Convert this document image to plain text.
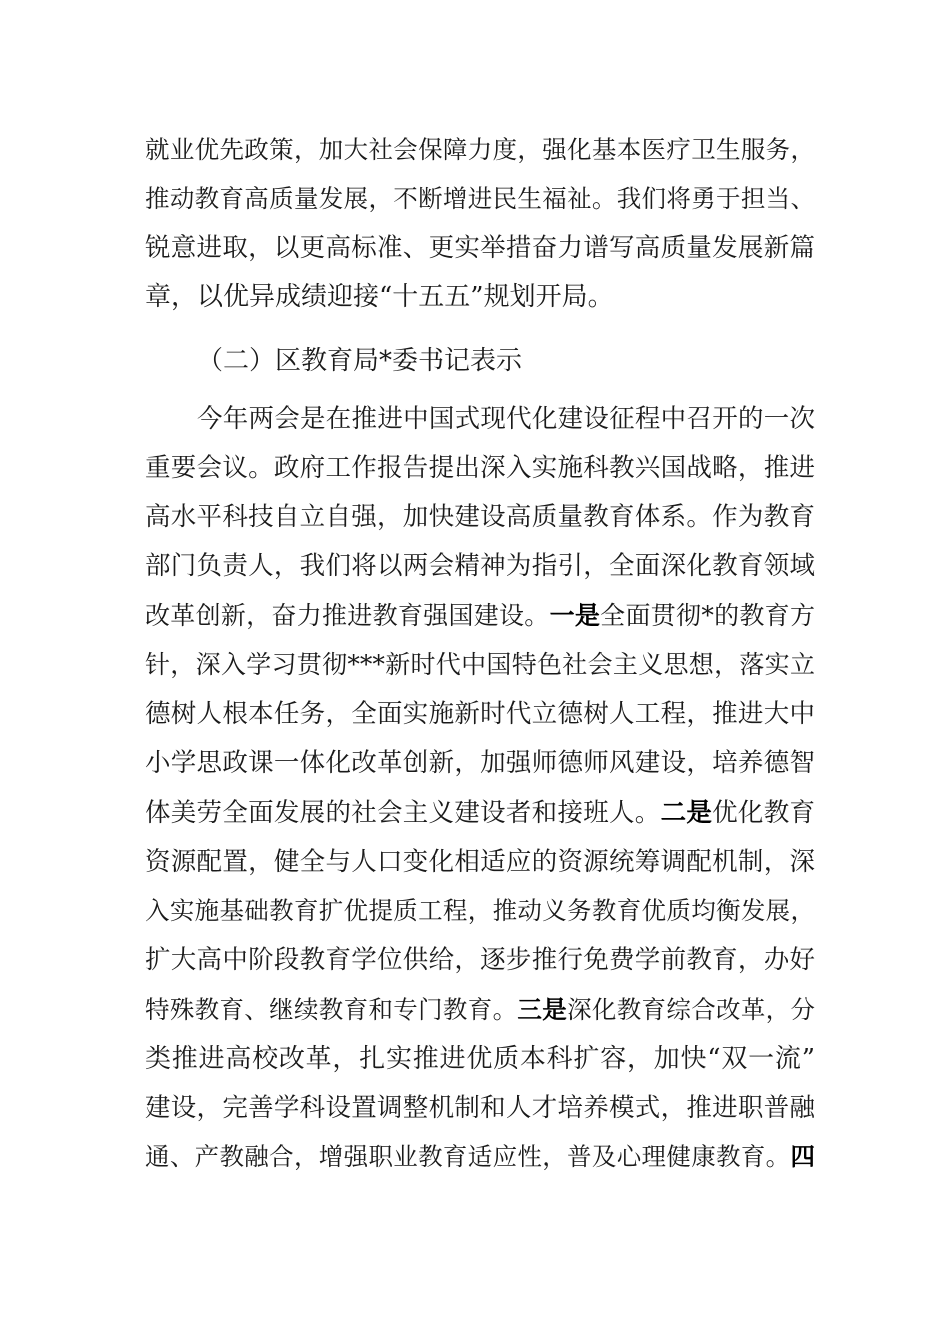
就业优先政策，加大社会保障力度，强化基本医疗卫生服务，
推动教育高质量发展，不断增进民生福祉。我们将勇于担当、
锐意进取，以更高标准、更实举措奋力谱写高质量发展新篇
章，以优异成绩迎接“十五五”规划开局。
（二）区教育局*委书记表示
今年两会是在推进中国式现代化建设征程中召开的一次
重要会议。政府工作报告提出深入实施科教兴国战略，推进
高水平科技自立自强，加快建设高质量教育体系。作为教育
部门负责人，我们将以两会精神为指引，全面深化教育领域
改革创新，奋力推进教育强国建设。一是全面贯彻*的教育方
针，深入学习贯彻***新时代中国特色社会主义思想，落实立
德树人根本任务，全面实施新时代立德树人工程，推进大中
小学思政课一体化改革创新，加强师德师风建设，培养德智
体美劳全面发展的社会主义建设者和接班人。二是优化教育
资源配置，健全与人口变化相适应的资源统筹调配机制，深
入实施基础教育扩优提质工程，推动义务教育优质均衡发展，
扩大高中阶段教育学位供给，逐步推行免费学前教育，办好
特殊教育、继续教育和专门教育。三是深化教育综合改革，分
类推进高校改革，扎实推进优质本科扩容，加快“双一流”
建设，完善学科设置调整机制和人才培养模式，推进职普融
通、产教融合，增强职业教育适应性，普及心理健康教育。四
